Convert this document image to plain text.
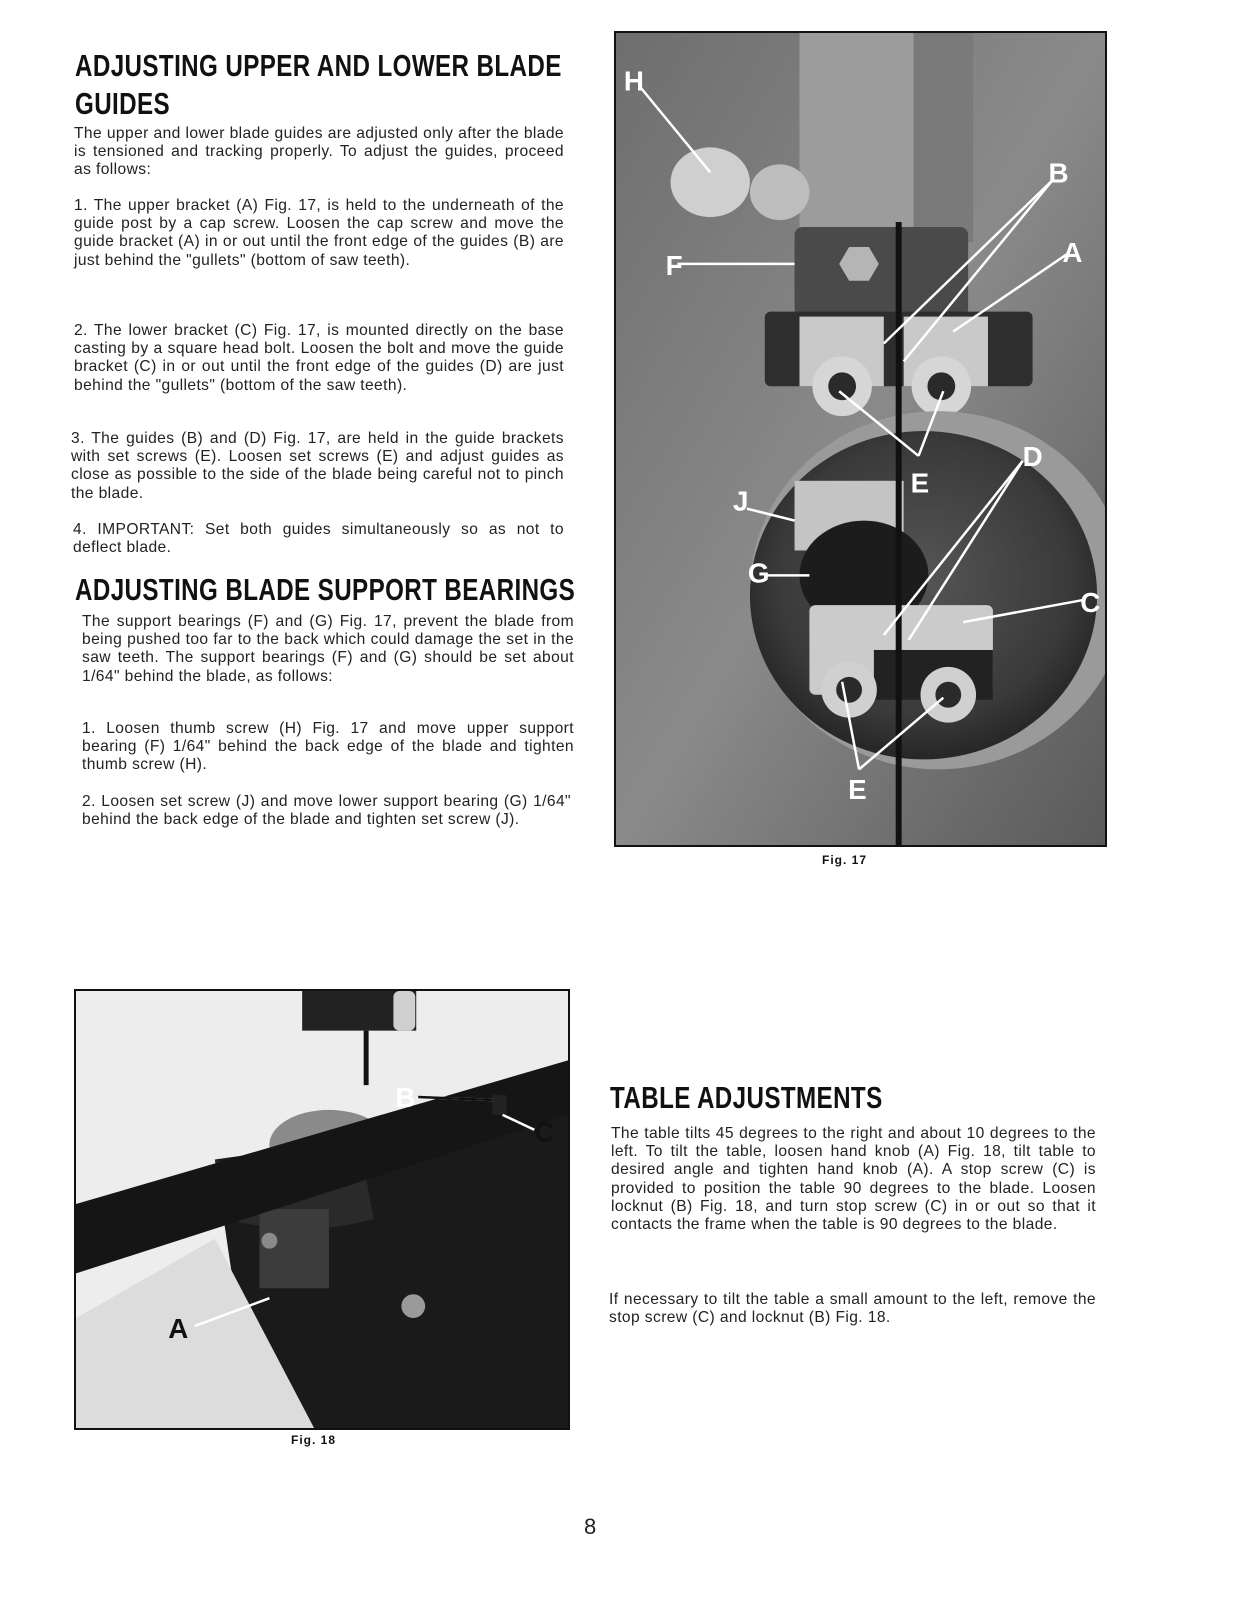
ADJUSTING UPPER AND LOWER BLADE
GUIDES

The upper and lower blade guides are adjusted only after the blade is tensioned and tracking properly. To adjust the guides, proceed as follows:

1. The upper bracket (A) Fig. 17, is held to the underneath of the guide post by a cap screw. Loosen the cap screw and move the guide bracket (A) in or out until the front edge of the guides (B) are just behind the "gullets" (bottom of saw teeth).

2. The lower bracket (C) Fig. 17, is mounted directly on the base casting by a square head bolt. Loosen the bolt and move the guide bracket (C) in or out until the front edge of the guides (D) are just behind the "gullets" (bottom of the saw teeth).

3. The guides (B) and (D) Fig. 17, are held in the guide brackets with set screws (E). Loosen set screws (E) and adjust guides as close as possible to the side of the blade being careful not to pinch the blade.

4. IMPORTANT: Set both guides simultaneously so as not to deflect blade.

ADJUSTING BLADE SUPPORT BEARINGS

The support bearings (F) and (G) Fig. 17, prevent the blade from being pushed too far to the back which could damage the set in the saw teeth. The support bearings (F) and (G) should be set about 1/64" behind the blade, as follows:

1. Loosen thumb screw (H) Fig. 17 and move upper support bearing (F) 1/64" behind the back edge of the blade and tighten thumb screw (H).

2. Loosen set screw (J) and move lower support bearing (G) 1/64" behind the back edge of the blade and tighten set screw (J).

H
B
A
F
D
E
J
G
C
E
Fig. 17
B
C
A
Fig. 18
TABLE ADJUSTMENTS

The table tilts 45 degrees to the right and about 10 degrees to the left. To tilt the table, loosen hand knob (A) Fig. 18, tilt table to desired angle and tighten hand knob (A). A stop screw (C) is provided to position the table 90 degrees to the blade. Loosen locknut (B) Fig. 18, and turn stop screw (C) in or out so that it contacts the frame when the table is 90 degrees to the blade.

If necessary to tilt the table a small amount to the left, remove the stop screw (C) and locknut (B) Fig. 18.

8
